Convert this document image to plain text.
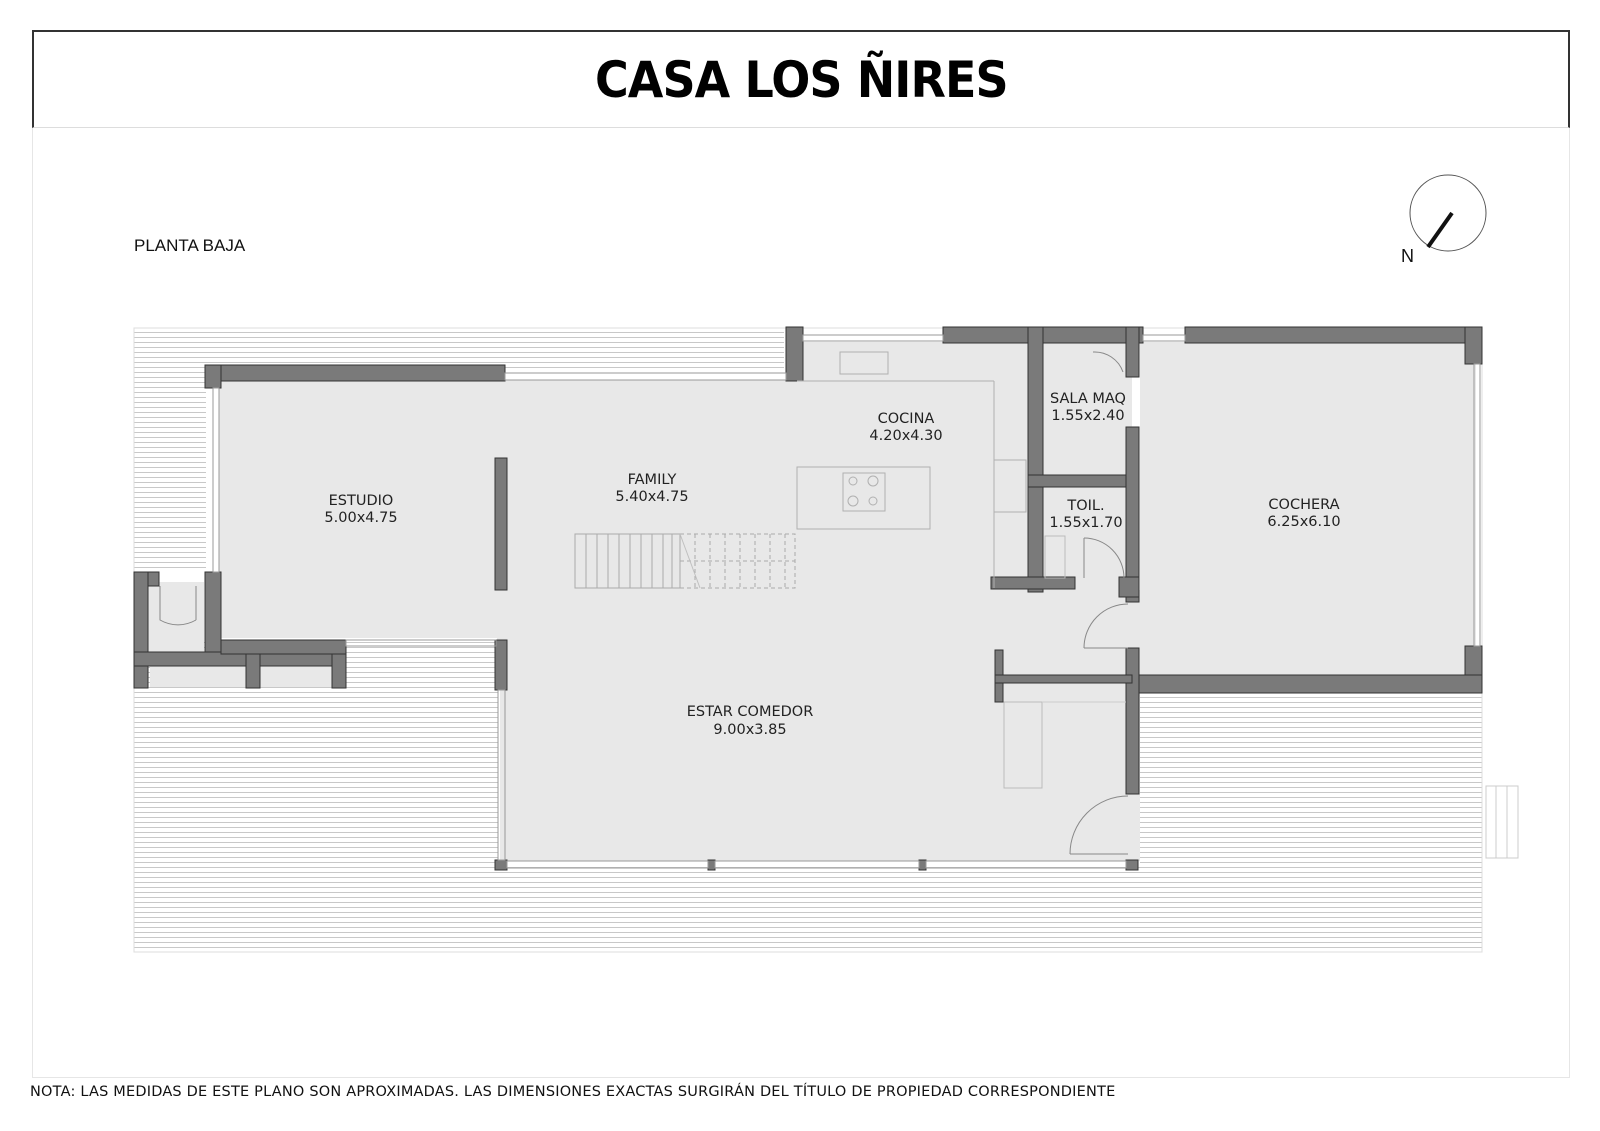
CASA LOS ÑIRES
PLANTA BAJA
N
ESTUDIO
5.00x4.75
FAMILY
5.40x4.75
COCINA
4.20x4.30
SALA MAQ
1.55x2.40
TOIL.
1.55x1.70
COCHERA
6.25x6.10
ESTAR COMEDOR
9.00x3.85
NOTA: LAS MEDIDAS DE ESTE PLANO SON APROXIMADAS. LAS DIMENSIONES EXACTAS SURGIRÁN DEL TÍTULO DE PROPIEDAD CORRESPONDIENTE
